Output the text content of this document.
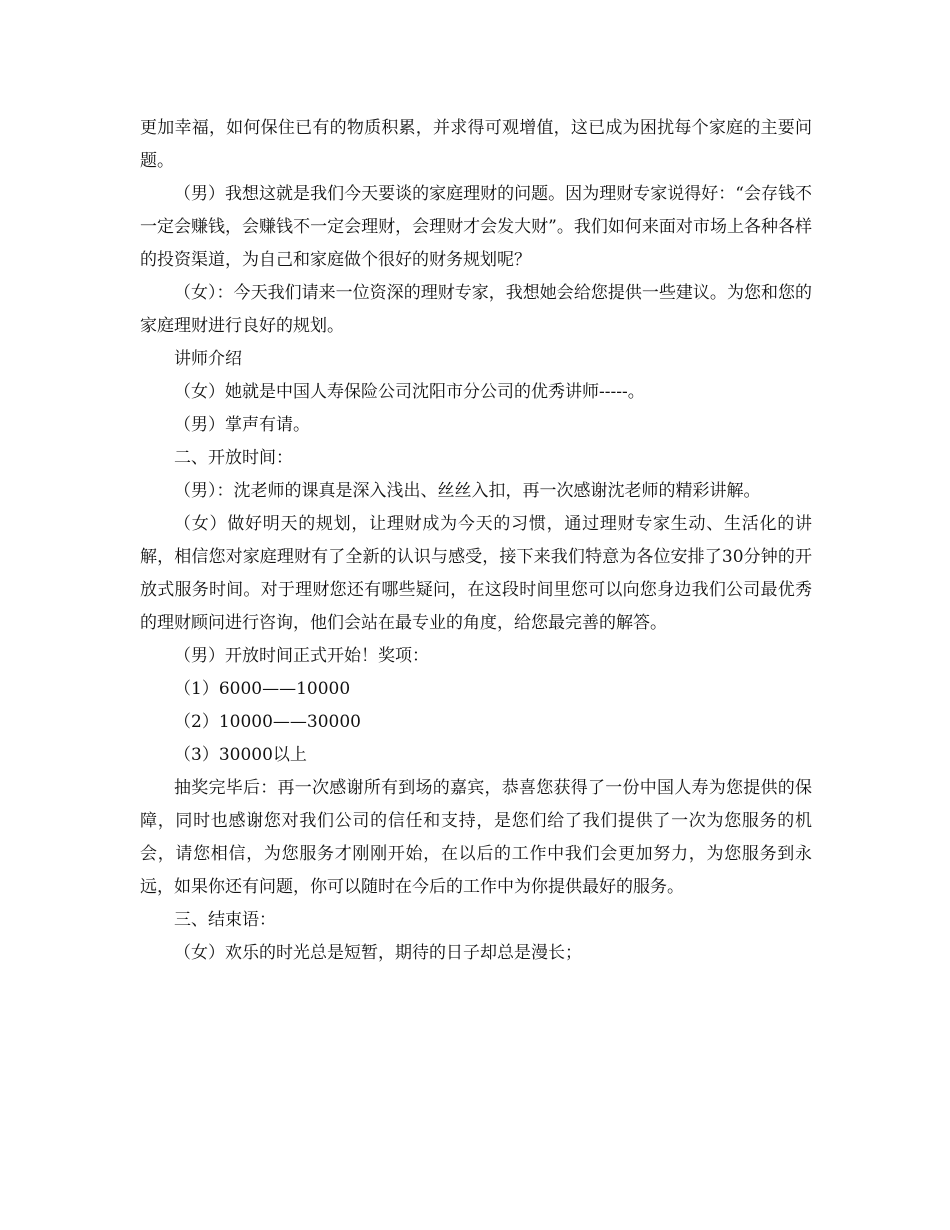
更加幸福，如何保住已有的物质积累，并求得可观增值，这已成为困扰每个家庭的主要问题。

（男）我想这就是我们今天要谈的家庭理财的问题。因为理财专家说得好：“会存钱不一定会赚钱，会赚钱不一定会理财，会理财才会发大财”。我们如何来面对市场上各种各样的投资渠道，为自己和家庭做个很好的财务规划呢？

（女）：今天我们请来一位资深的理财专家，我想她会给您提供一些建议。为您和您的家庭理财进行良好的规划。

讲师介绍

（女）她就是中国人寿保险公司沈阳市分公司的优秀讲师-----。

（男）掌声有请。

二、开放时间：

（男）：沈老师的课真是深入浅出、丝丝入扣，再一次感谢沈老师的精彩讲解。

（女）做好明天的规划，让理财成为今天的习惯，通过理财专家生动、生活化的讲解，相信您对家庭理财有了全新的认识与感受，接下来我们特意为各位安排了30分钟的开放式服务时间。对于理财您还有哪些疑问，在这段时间里您可以向您身边我们公司最优秀的理财顾问进行咨询，他们会站在最专业的角度，给您最完善的解答。

（男）开放时间正式开始！奖项：

（1）6000——10000

（2）10000——30000

（3）30000以上

抽奖完毕后：再一次感谢所有到场的嘉宾，恭喜您获得了一份中国人寿为您提供的保障，同时也感谢您对我们公司的信任和支持，是您们给了我们提供了一次为您服务的机会，请您相信，为您服务才刚刚开始，在以后的工作中我们会更加努力，为您服务到永远，如果你还有问题，你可以随时在今后的工作中为你提供最好的服务。

三、结束语：

（女）欢乐的时光总是短暂，期待的日子却总是漫长；
